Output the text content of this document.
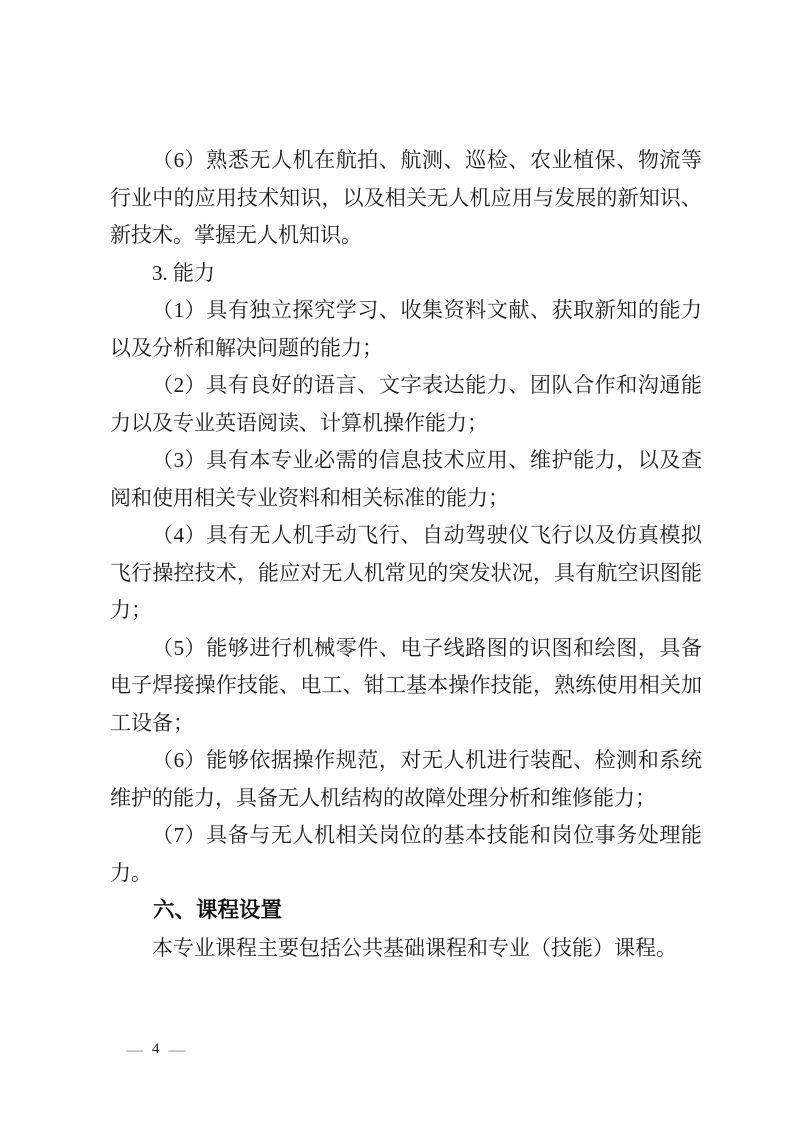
（6）熟悉无人机在航拍、航测、巡检、农业植保、物流等行业中的应用技术知识，以及相关无人机应用与发展的新知识、新技术。掌握无人机知识。

3. 能力

（1）具有独立探究学习、收集资料文献、获取新知的能力以及分析和解决问题的能力；

（2）具有良好的语言、文字表达能力、团队合作和沟通能力以及专业英语阅读、计算机操作能力；

（3）具有本专业必需的信息技术应用、维护能力，以及查阅和使用相关专业资料和相关标准的能力；

（4）具有无人机手动飞行、自动驾驶仪飞行以及仿真模拟飞行操控技术，能应对无人机常见的突发状况，具有航空识图能力；

（5）能够进行机械零件、电子线路图的识图和绘图，具备电子焊接操作技能、电工、钳工基本操作技能，熟练使用相关加工设备；

（6）能够依据操作规范，对无人机进行装配、检测和系统维护的能力，具备无人机结构的故障处理分析和维修能力；

（7）具备与无人机相关岗位的基本技能和岗位事务处理能力。

六、课程设置

本专业课程主要包括公共基础课程和专业（技能）课程。

— 4 —
